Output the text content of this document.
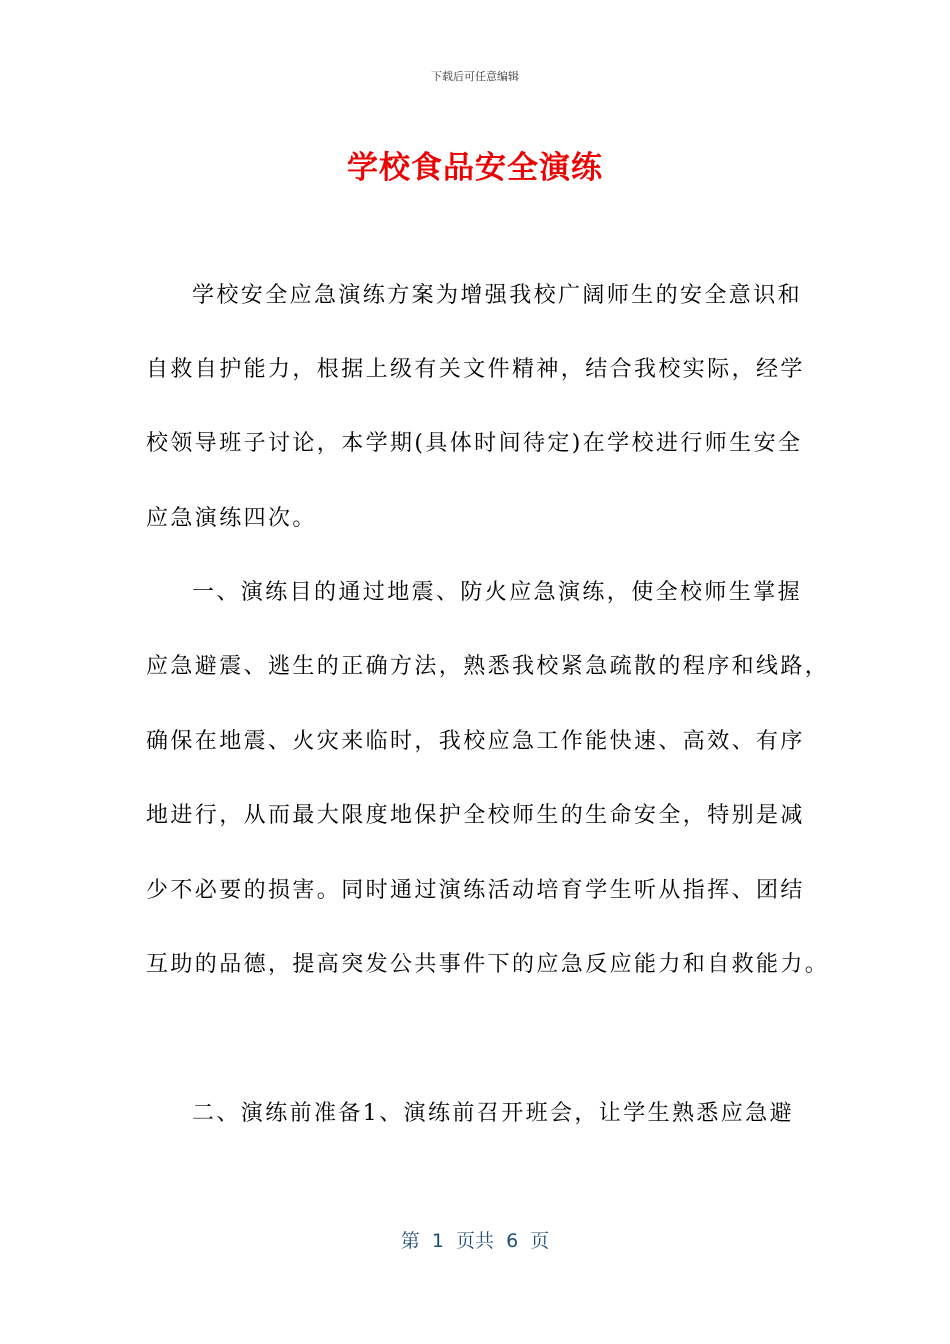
下载后可任意编辑
学校食品安全演练
学校安全应急演练方案为增强我校广阔师生的安全意识和
自救自护能力，根据上级有关文件精神，结合我校实际，经学
校领导班子讨论，本学期(具体时间待定)在学校进行师生安全
应急演练四次。
一、演练目的通过地震、防火应急演练，使全校师生掌握
应急避震、逃生的正确方法，熟悉我校紧急疏散的程序和线路，
确保在地震、火灾来临时，我校应急工作能快速、高效、有序
地进行，从而最大限度地保护全校师生的生命安全，特别是减
少不必要的损害。同时通过演练活动培育学生听从指挥、团结
互助的品德，提高突发公共事件下的应急反应能力和自救能力。
二、演练前准备1、演练前召开班会，让学生熟悉应急避
第  1  页共  6  页
